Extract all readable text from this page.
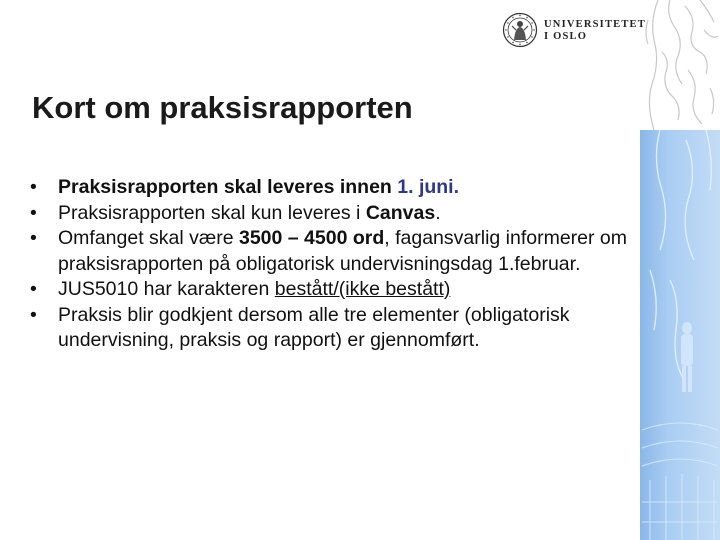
UNIVERSITETET
I OSLO
Kort om praksisrapporten
• Praksisrapporten skal leveres innen 1. juni.
• Praksisrapporten skal kun leveres i Canvas.
• Omfanget skal være 3500 – 4500 ord, fagansvarlig informerer om praksisrapporten på obligatorisk undervisningsdag 1.februar.
• JUS5010 har karakteren bestått/(ikke bestått)
• Praksis blir godkjent dersom alle tre elementer (obligatorisk undervisning, praksis og rapport) er gjennomført.
